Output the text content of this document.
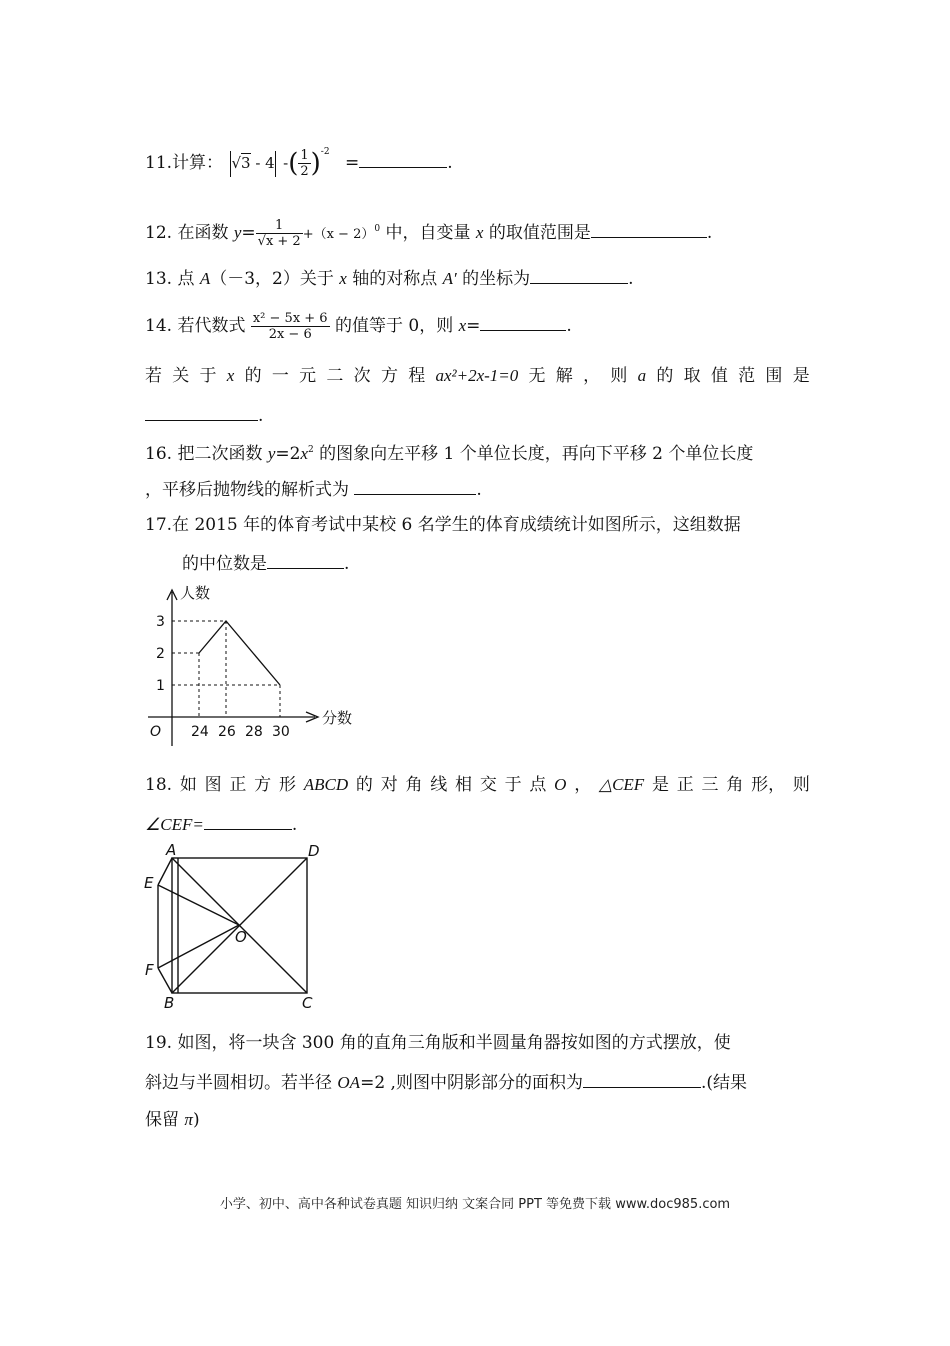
11.计算： √3 - 4 -( $\frac{1}{2} )^{-2}$ =	.
12. 在函数 $y= \frac{1}{√x + 2} +(x - 2)^0$ 中，自变量 x 的取值范围是	.
13. 点 A（－3，2）关于 x 轴的对称点 A′ 的坐标为	.
14. 若代数式 $\frac{\text{x² − 5x + 6}}{2x - 6}$ 的值等于 0，则 x=	.
若 关 于 x 的 一 元 二 次 方 程 ax²+2x-1=0 无 解 ， 则 a 的 取 值 范 围 是
.
16. 把二次函数 $y=2x^2$ 的图象向左平移 1 个单位长度，再向下平移 2 个单位长度
，平移后抛物线的解析式为	.
17.在 2015 年的体育考试中某校 6 名学生的体育成绩统计如图所示，这组数据
的中位数是	.
24 26 28 30
1
2
3
人数
分数
O
18. 如 图 正 方 形 ABCD 的 对 角 线 相 交 于 点 O ， △CEF 是 正 三 角 形， 则
∠CEF=	.
A	D
E
O
F
B	C
19. 如图，将一块含 300 角的直角三角版和半圆量角器按如图的方式摆放，使
斜边与半圆相切。若半径 OA=2 ,则图中阴影部分的面积为	.(结果
保留 π)
小学、初中、高中各种试卷真题 知识归纳 文案合同 PPT 等免费下载 www.doc985.com
